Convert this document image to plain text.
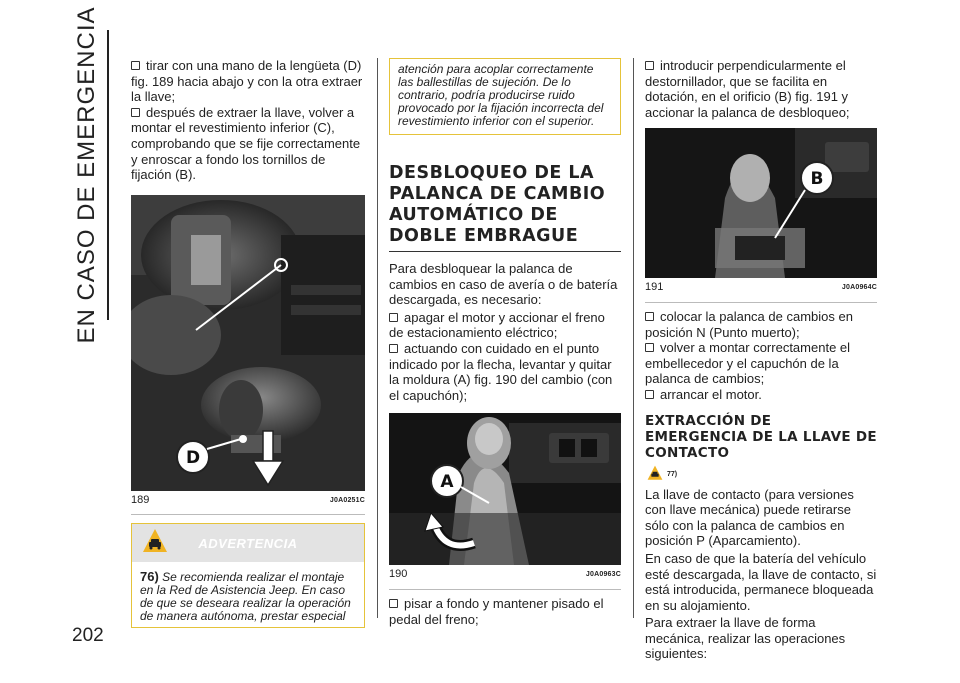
EN CASO DE EMERGENCIA
202

tirar con una mano de la lengüeta (D) fig. 189 hacia abajo y con la otra extraer la llave;

después de extraer la llave, volver a montar el revestimiento inferior (C), comprobando que se fije correctamente y enroscar a fondo los tornillos de fijación (B).

D
189	J0A0251C
ADVERTENCIA
76) Se recomienda realizar el montaje en la Red de Asistencia Jeep. En caso de que se deseara realizar la operación de manera autónoma, prestar especial
atención para acoplar correctamente las ballestillas de sujeción. De lo contrario, podría producirse ruido provocado por la fijación incorrecta del revestimiento inferior con el superior.
DESBLOQUEO DE LA PALANCA DE CAMBIO AUTOMÁTICO DE DOBLE EMBRAGUE

Para desbloquear la palanca de cambios en caso de avería o de batería descargada, es necesario:

apagar el motor y accionar el freno de estacionamiento eléctrico;

actuando con cuidado en el punto indicado por la flecha, levantar y quitar la moldura (A) fig. 190 del cambio (con el capuchón);

A
190	J0A0963C

pisar a fondo y mantener pisado el pedal del freno;

introducir perpendicularmente el destornillador, que se facilita en dotación, en el orificio (B) fig. 191 y accionar la palanca de desbloqueo;

B
191	J0A0964C

colocar la palanca de cambios en posición N (Punto muerto);

volver a montar correctamente el embellecedor y el capuchón de la palanca de cambios;

arrancar el motor.

EXTRACCIÓN DE EMERGENCIA DE LA LLAVE DE CONTACTO
77)

La llave de contacto (para versiones con llave mecánica) puede retirarse sólo con la palanca de cambios en posición P (Aparcamiento).

En caso de que la batería del vehículo esté descargada, la llave de contacto, si está introducida, permanece bloqueada en su alojamiento.

Para extraer la llave de forma mecánica, realizar las operaciones siguientes:
